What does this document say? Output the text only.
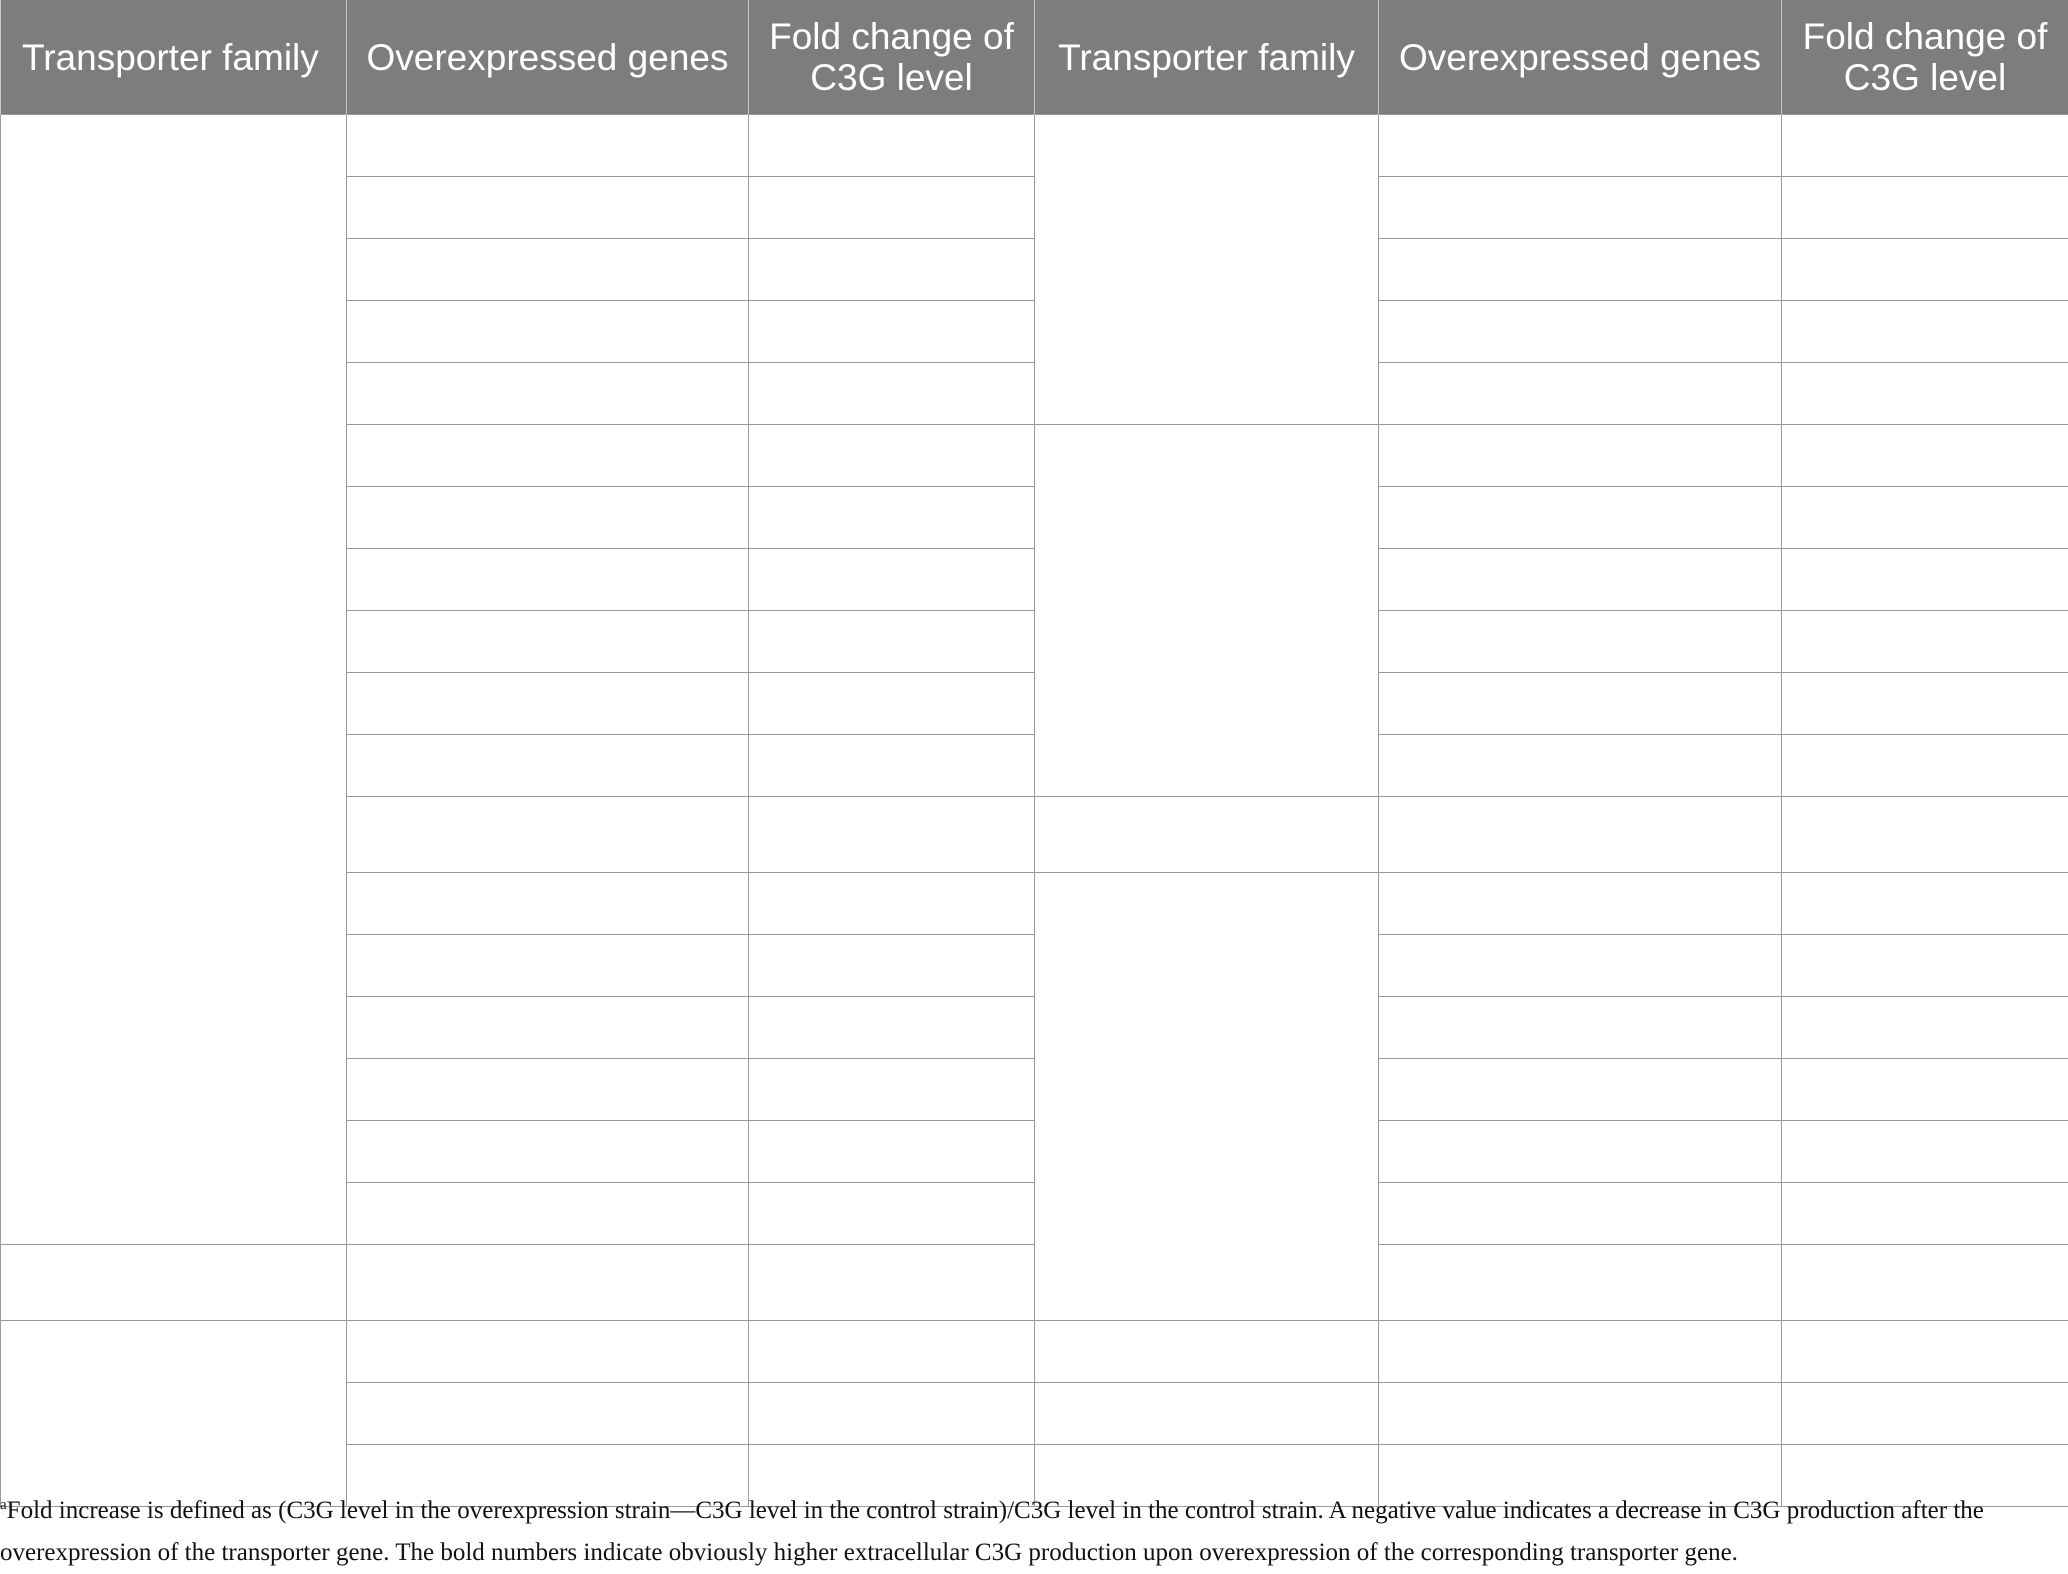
Transporter family	Overexpressed genes	Fold change of C3G level	Transporter family	Overexpressed genes	Fold change of C3G level

$^a$Fold increase is defined as (C3G level in the overexpression strain—C3G level in the control strain)/C3G level in the control strain. A negative value indicates a decrease in C3G production after the overexpression of the transporter gene. The bold numbers indicate obviously higher extracellular C3G production upon overexpression of the corresponding transporter gene.
